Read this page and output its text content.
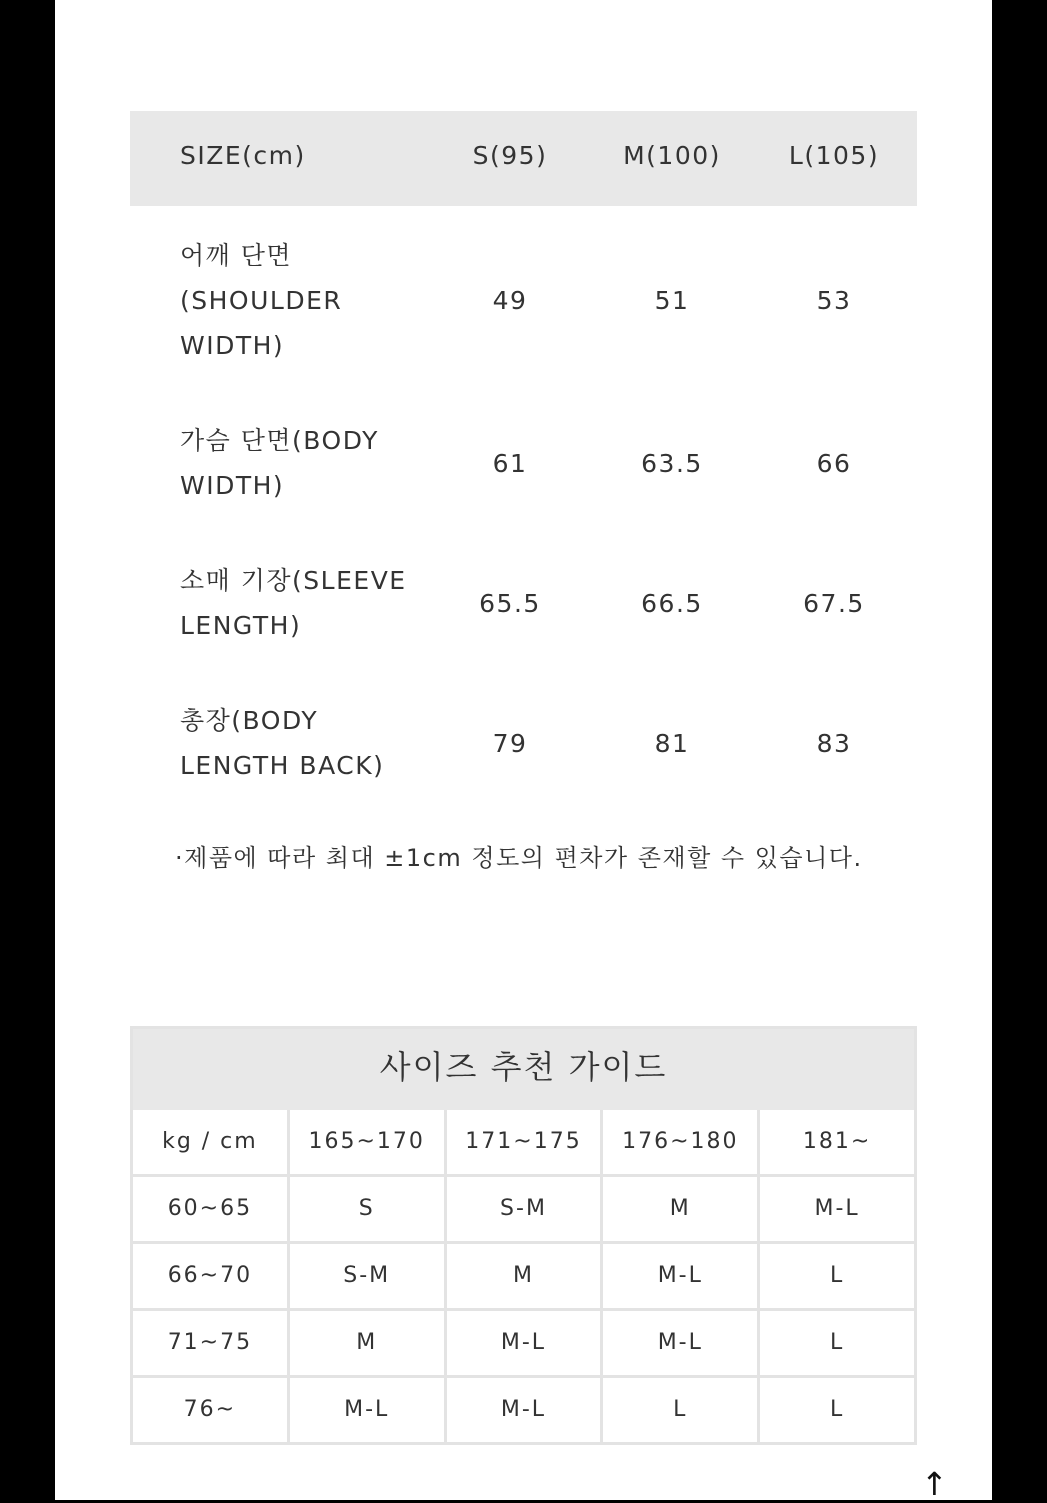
SIZE(cm)	S(95)	M(100)	L(105)
어깨 단면
(SHOULDER
WIDTH)
49	51	53
가슴 단면(BODY
WIDTH)
61	63.5	66
소매 기장(SLEEVE
LENGTH)
65.5	66.5	67.5
총장(BODY
LENGTH BACK)
79	81	83
·제품에 따라 최대 ±1cm 정도의 편차가 존재할 수 있습니다.
사이즈 추천 가이드
kg / cm	165~170	171~175	176~180	181~
60~65	S	S-M	M	M-L
66~70	S-M	M	M-L	L
71~75	M	M-L	M-L	L
76~	M-L	M-L	L	L
↑
